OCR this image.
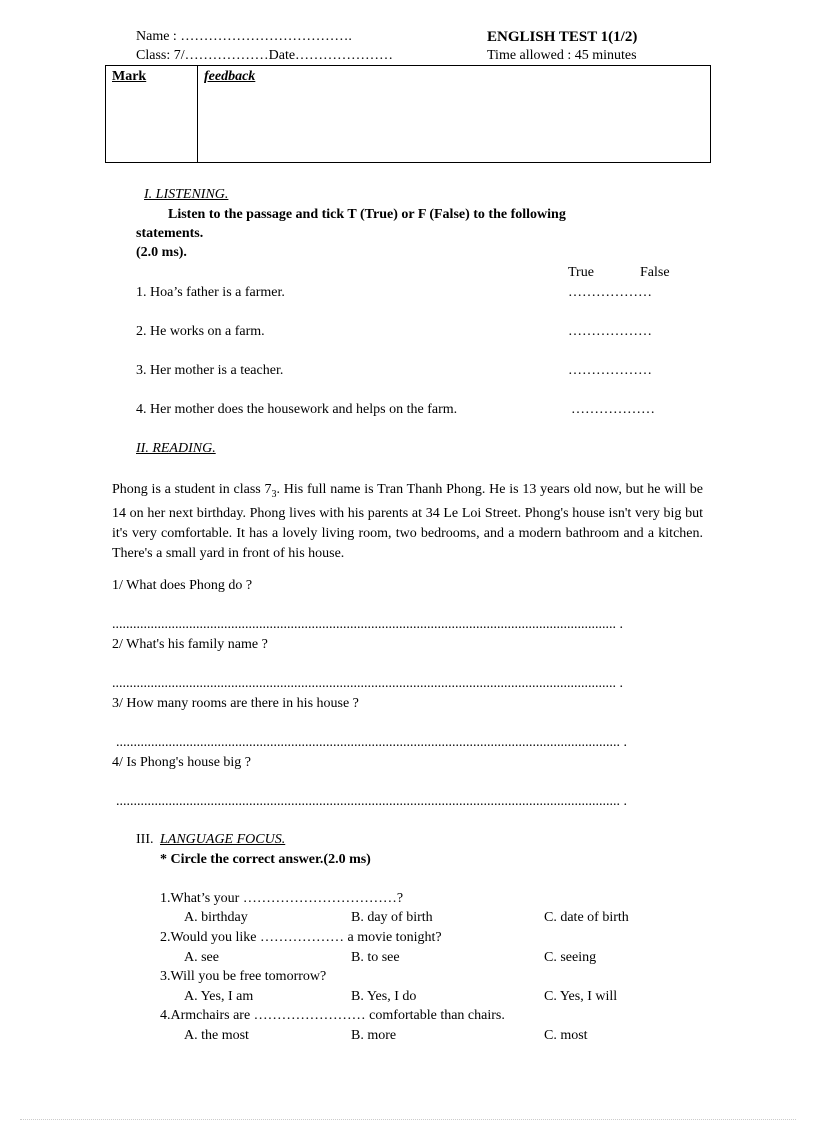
Name : ……………………………….
Class: 7/………………Date…………………
ENGLISH TEST 1(1/2)
Time allowed : 45 minutes
Mark	feedback
I. LISTENING.
Listen to the passage and tick T (True) or F (False) to the following
statements.
(2.0 ms).
True	False
1. Hoa’s father is a farmer.	………………
2. He works on a farm.	………………
3. Her mother is a teacher.	………………
4. Her mother does the housework and helps on the farm.	………………
II. READING.
Phong is a student in class $7_3$. His full name is Tran Thanh Phong. He is 13 years old now, but he will be 14 on her next birthday. Phong lives with his parents at 34 Le Loi Street. Phong's house isn't very big but it's very comfortable. It has a lovely living room, two bedrooms, and a modern bathroom and a kitchen. There's a small yard in front of his house.
1/ What does Phong do ?
................................................................................................................................................ .
2/ What's his family name ?
................................................................................................................................................ .
3/ How many rooms are there in his house ?
................................................................................................................................................ .
4/ Is Phong's house big ?
................................................................................................................................................ .
III. LANGUAGE FOCUS.
* Circle the correct answer.(2.0 ms)
1.What’s your ……………………………?
A. birthday	B. day of birth	C. date of birth
2.Would you like ……………… a movie tonight?
A. see	B. to see	C. seeing
3.Will you be free tomorrow?
A. Yes, I am	B. Yes, I do	C. Yes, I will
4.Armchairs are …………………… comfortable than chairs.
A. the most	B. more	C. most
